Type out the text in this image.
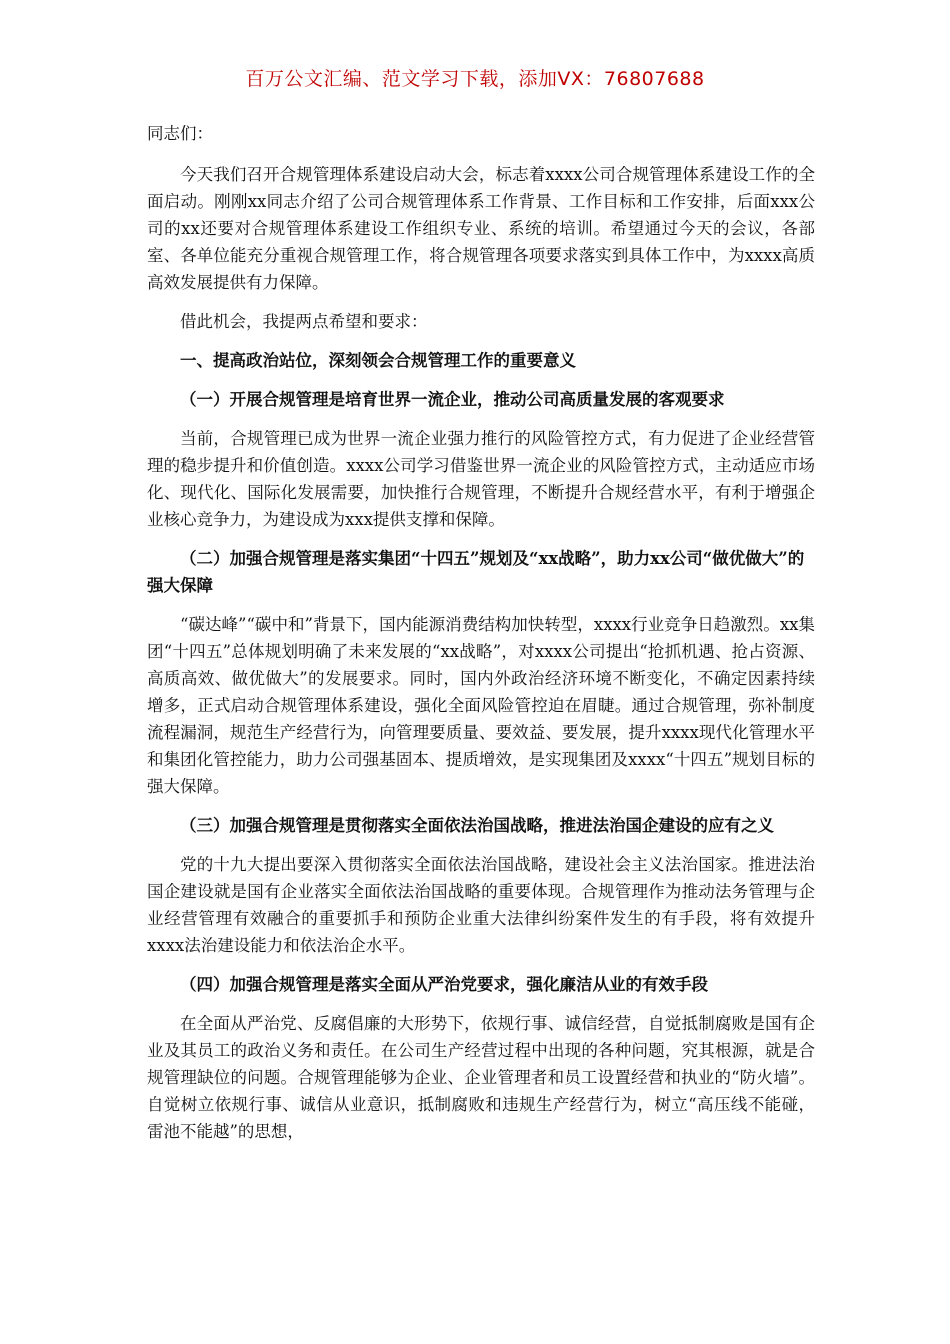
百万公文汇编、范文学习下载，添加VX：76807688

同志们：

今天我们召开合规管理体系建设启动大会，标志着xxxx公司合规管理体系建设工作的全面启动。刚刚xx同志介绍了公司合规管理体系工作背景、工作目标和工作安排，后面xxx公司的xx还要对合规管理体系建设工作组织专业、系统的培训。希望通过今天的会议，各部室、各单位能充分重视合规管理工作，将合规管理各项要求落实到具体工作中，为xxxx高质高效发展提供有力保障。

借此机会，我提两点希望和要求：

一、提高政治站位，深刻领会合规管理工作的重要意义

（一）开展合规管理是培育世界一流企业，推动公司高质量发展的客观要求

当前，合规管理已成为世界一流企业强力推行的风险管控方式，有力促进了企业经营管理的稳步提升和价值创造。xxxx公司学习借鉴世界一流企业的风险管控方式，主动适应市场化、现代化、国际化发展需要，加快推行合规管理，不断提升合规经营水平，有利于增强企业核心竞争力，为建设成为xxx提供支撑和保障。

（二）加强合规管理是落实集团“十四五”规划及“xx战略”，助力xx公司“做优做大”的强大保障

“碳达峰”“碳中和”背景下，国内能源消费结构加快转型，xxxx行业竞争日趋激烈。xx集团“十四五”总体规划明确了未来发展的“xx战略”，对xxxx公司提出“抢抓机遇、抢占资源、高质高效、做优做大”的发展要求。同时，国内外政治经济环境不断变化，不确定因素持续增多，正式启动合规管理体系建设，强化全面风险管控迫在眉睫。通过合规管理，弥补制度流程漏洞，规范生产经营行为，向管理要质量、要效益、要发展，提升xxxx现代化管理水平和集团化管控能力，助力公司强基固本、提质增效，是实现集团及xxxx“十四五”规划目标的强大保障。

（三）加强合规管理是贯彻落实全面依法治国战略，推进法治国企建设的应有之义

党的十九大提出要深入贯彻落实全面依法治国战略，建设社会主义法治国家。推进法治国企建设就是国有企业落实全面依法治国战略的重要体现。合规管理作为推动法务管理与企业经营管理有效融合的重要抓手和预防企业重大法律纠纷案件发生的有手段，将有效提升xxxx法治建设能力和依法治企水平。

（四）加强合规管理是落实全面从严治党要求，强化廉洁从业的有效手段

在全面从严治党、反腐倡廉的大形势下，依规行事、诚信经营，自觉抵制腐败是国有企业及其员工的政治义务和责任。在公司生产经营过程中出现的各种问题，究其根源，就是合规管理缺位的问题。合规管理能够为企业、企业管理者和员工设置经营和执业的“防火墙”。自觉树立依规行事、诚信从业意识，抵制腐败和违规生产经营行为，树立“高压线不能碰，雷池不能越”的思想，
